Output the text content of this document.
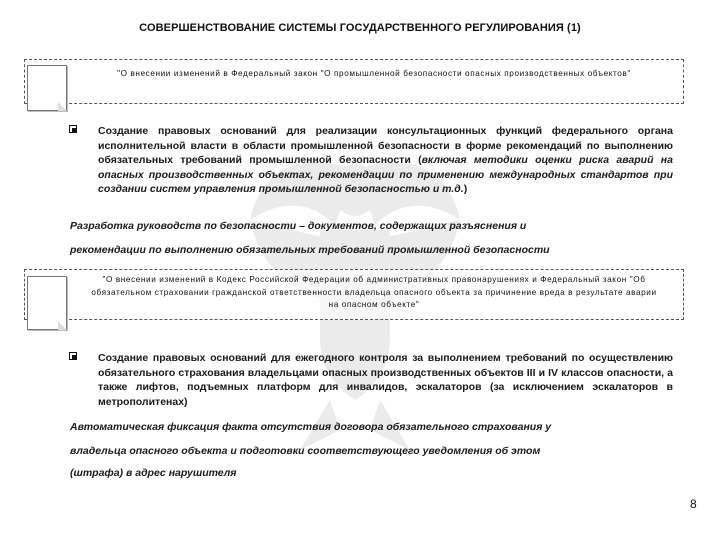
СОВЕРШЕНСТВОВАНИЕ СИСТЕМЫ ГОСУДАРСТВЕННОГО РЕГУЛИРОВАНИЯ (1)
"О внесении изменений в Федеральный закон "О промышленной безопасности опасных производственных объектов"
Создание правовых оснований для реализации консультационных функций федерального органа исполнительной власти в области промышленной безопасности в форме рекомендаций по выполнению обязательных требований промышленной безопасности (включая методики оценки риска аварий на опасных производственных объектах, рекомендации по применению международных стандартов при создании систем управления промышленной безопасностью и т.д.)
Разработка руководств по безопасности – документов, содержащих разъяснения и
рекомендации по выполнению обязательных требований промышленной безопасности
"О внесении изменений в Кодекс Российской Федерации об административных правонарушениях и Федеральный закон "Об обязательном страховании гражданской ответственности владельца опасного объекта за причинение вреда в результате аварии на опасном объекте"
Создание правовых оснований для ежегодного контроля за выполнением требований по осуществлению обязательного страхования владельцами опасных производственных объектов III и IV классов опасности, а также лифтов, подъемных платформ для инвалидов, эскалаторов (за исключением эскалаторов в метрополитенах)
Автоматическая фиксация факта отсутствия договора обязательного страхования у
владельца опасного объекта и подготовки соответствующего уведомления об этом
(штрафа) в адрес нарушителя
8
